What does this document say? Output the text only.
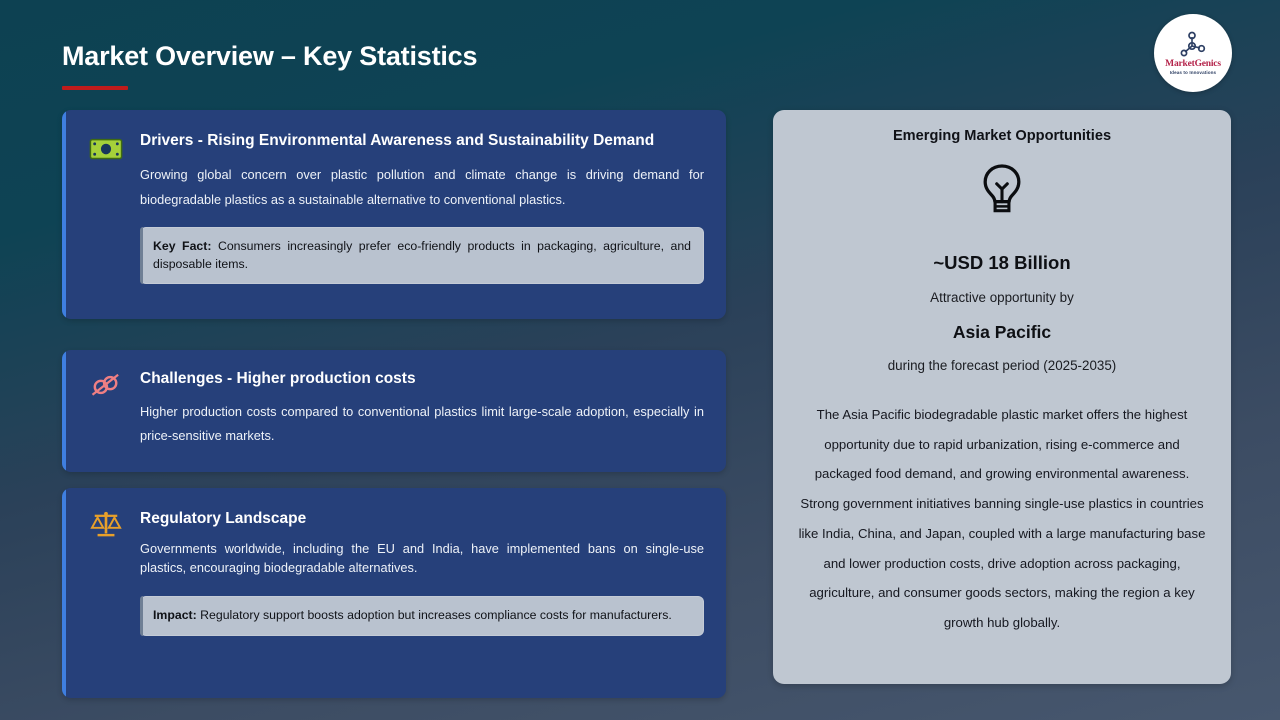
Market Overview – Key Statistics	MarketGenics
Ideas to Innovations
Drivers - Rising Environmental Awareness and Sustainability Demand
Growing global concern over plastic pollution and climate change is driving demand for biodegradable plastics as a sustainable alternative to conventional plastics.
Key Fact: Consumers increasingly prefer eco-friendly products in packaging, agriculture, and disposable items.
Challenges - Higher production costs
Higher production costs compared to conventional plastics limit large-scale adoption, especially in price-sensitive markets.
Regulatory Landscape
Governments worldwide, including the EU and India, have implemented bans on single-use plastics, encouraging biodegradable alternatives.
Impact: Regulatory support boosts adoption but increases compliance costs for manufacturers.
Emerging Market Opportunities
~USD 18 Billion
Attractive opportunity by
Asia Pacific
during the forecast period (2025-2035)
The Asia Pacific biodegradable plastic market offers the highest opportunity due to rapid urbanization, rising e-commerce and packaged food demand, and growing environmental awareness. Strong government initiatives banning single-use plastics in countries like India, China, and Japan, coupled with a large manufacturing base and lower production costs, drive adoption across packaging, agriculture, and consumer goods sectors, making the region a key growth hub globally.
